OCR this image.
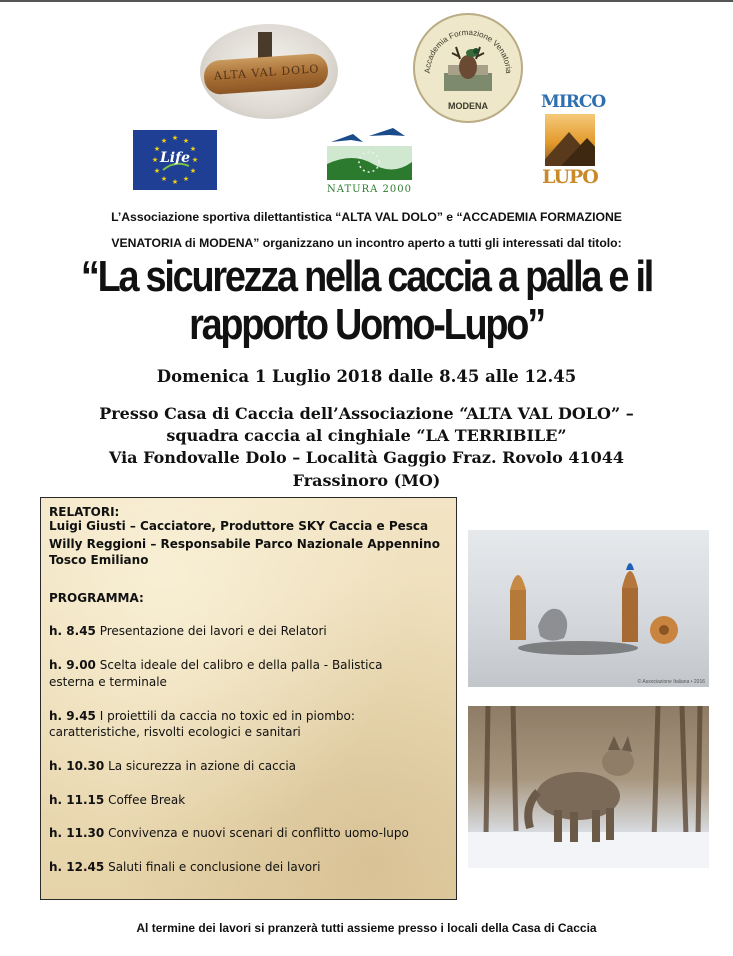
ALTA VAL DOLO	Accademia Formazione Venatoria
MODENA	MIRCO
LUPO
★ ★
★
★
★
★
★
★
★
★
★
★
Life
NATURA 2000
L’Associazione sportiva dilettantistica “ALTA VAL DOLO” e “ACCADEMIA FORMAZIONE
VENATORIA di MODENA” organizzano un incontro aperto a tutti gli interessati dal titolo:
“La sicurezza nella caccia a palla e il
rapporto Uomo-Lupo”
Domenica 1 Luglio 2018 dalle 8.45 alle 12.45
Presso Casa di Caccia dell’Associazione “ALTA VAL DOLO” –
squadra caccia al cinghiale “LA TERRIBILE”
Via Fondovalle Dolo – Località Gaggio Fraz. Rovolo 41044
Frassinoro (MO)
RELATORI:
Luigi Giusti – Cacciatore, Produttore SKY Caccia e Pesca
Willy Reggioni – Responsabile Parco Nazionale Appennino
Tosco Emiliano
PROGRAMMA:
h. 8.45 Presentazione dei lavori e dei Relatori
h. 9.00 Scelta ideale del calibro e della palla - Balistica
esterna e terminale
h. 9.45 I proiettili da caccia no toxic ed in piombo:
caratteristiche, risvolti ecologici e sanitari
h. 10.30 La sicurezza in azione di caccia
h. 11.15 Coffee Break
h. 11.30 Convivenza e nuovi scenari di conflitto uomo-lupo
h. 12.45 Saluti finali e conclusione dei lavori
© Associazione Italiana • 2016
Al termine dei lavori si pranzerà tutti assieme presso i locali della Casa di Caccia
